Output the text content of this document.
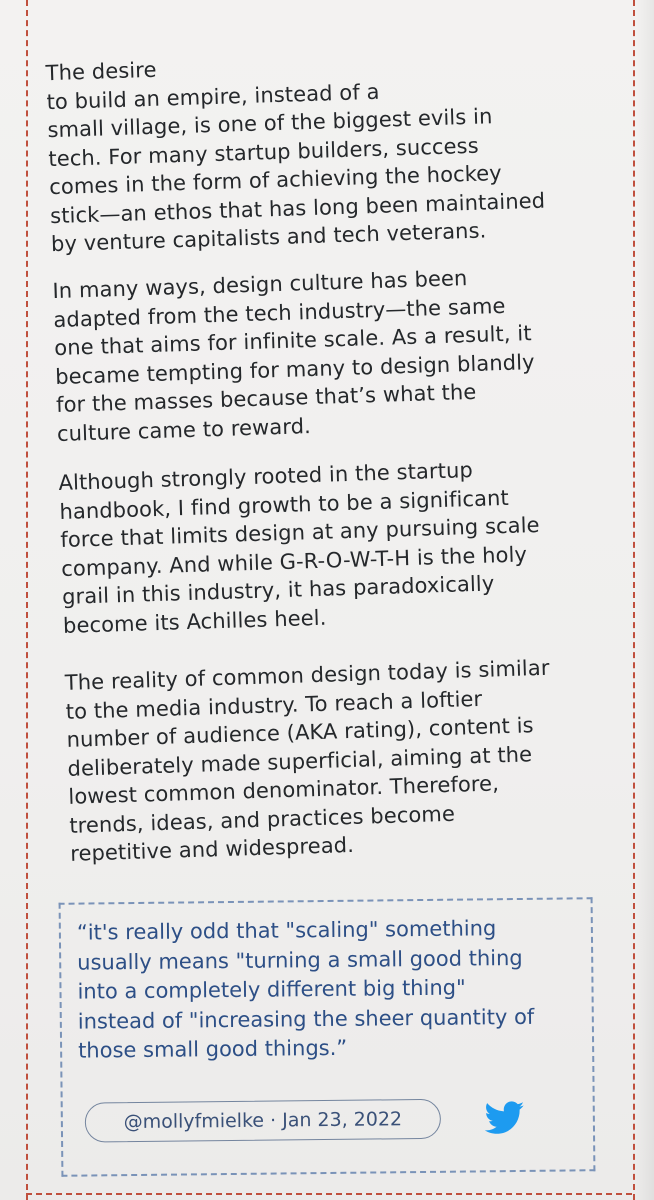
The desire
to build an empire, instead of a
small village, is one of the biggest evils in
tech. For many startup builders, success
comes in the form of achieving the hockey
stick—an ethos that has long been maintained
by venture capitalists and tech veterans.

In many ways, design culture has been
adapted from the tech industry—the same
one that aims for infinite scale. As a result, it
became tempting for many to design blandly
for the masses because that’s what the
culture came to reward.

Although strongly rooted in the startup
handbook, I find growth to be a significant
force that limits design at any pursuing scale
company. And while G-R-O-W-T-H is the holy
grail in this industry, it has paradoxically
become its Achilles heel.

The reality of common design today is similar
to the media industry. To reach a loftier
number of audience (AKA rating), content is
deliberately made superficial, aiming at the
lowest common denominator. Therefore,
trends, ideas, and practices become
repetitive and widespread.

“it's really odd that "scaling" something
usually means "turning a small good thing
into a completely different big thing"
instead of "increasing the sheer quantity of
those small good things.”

@mollyfmielke · Jan 23, 2022
